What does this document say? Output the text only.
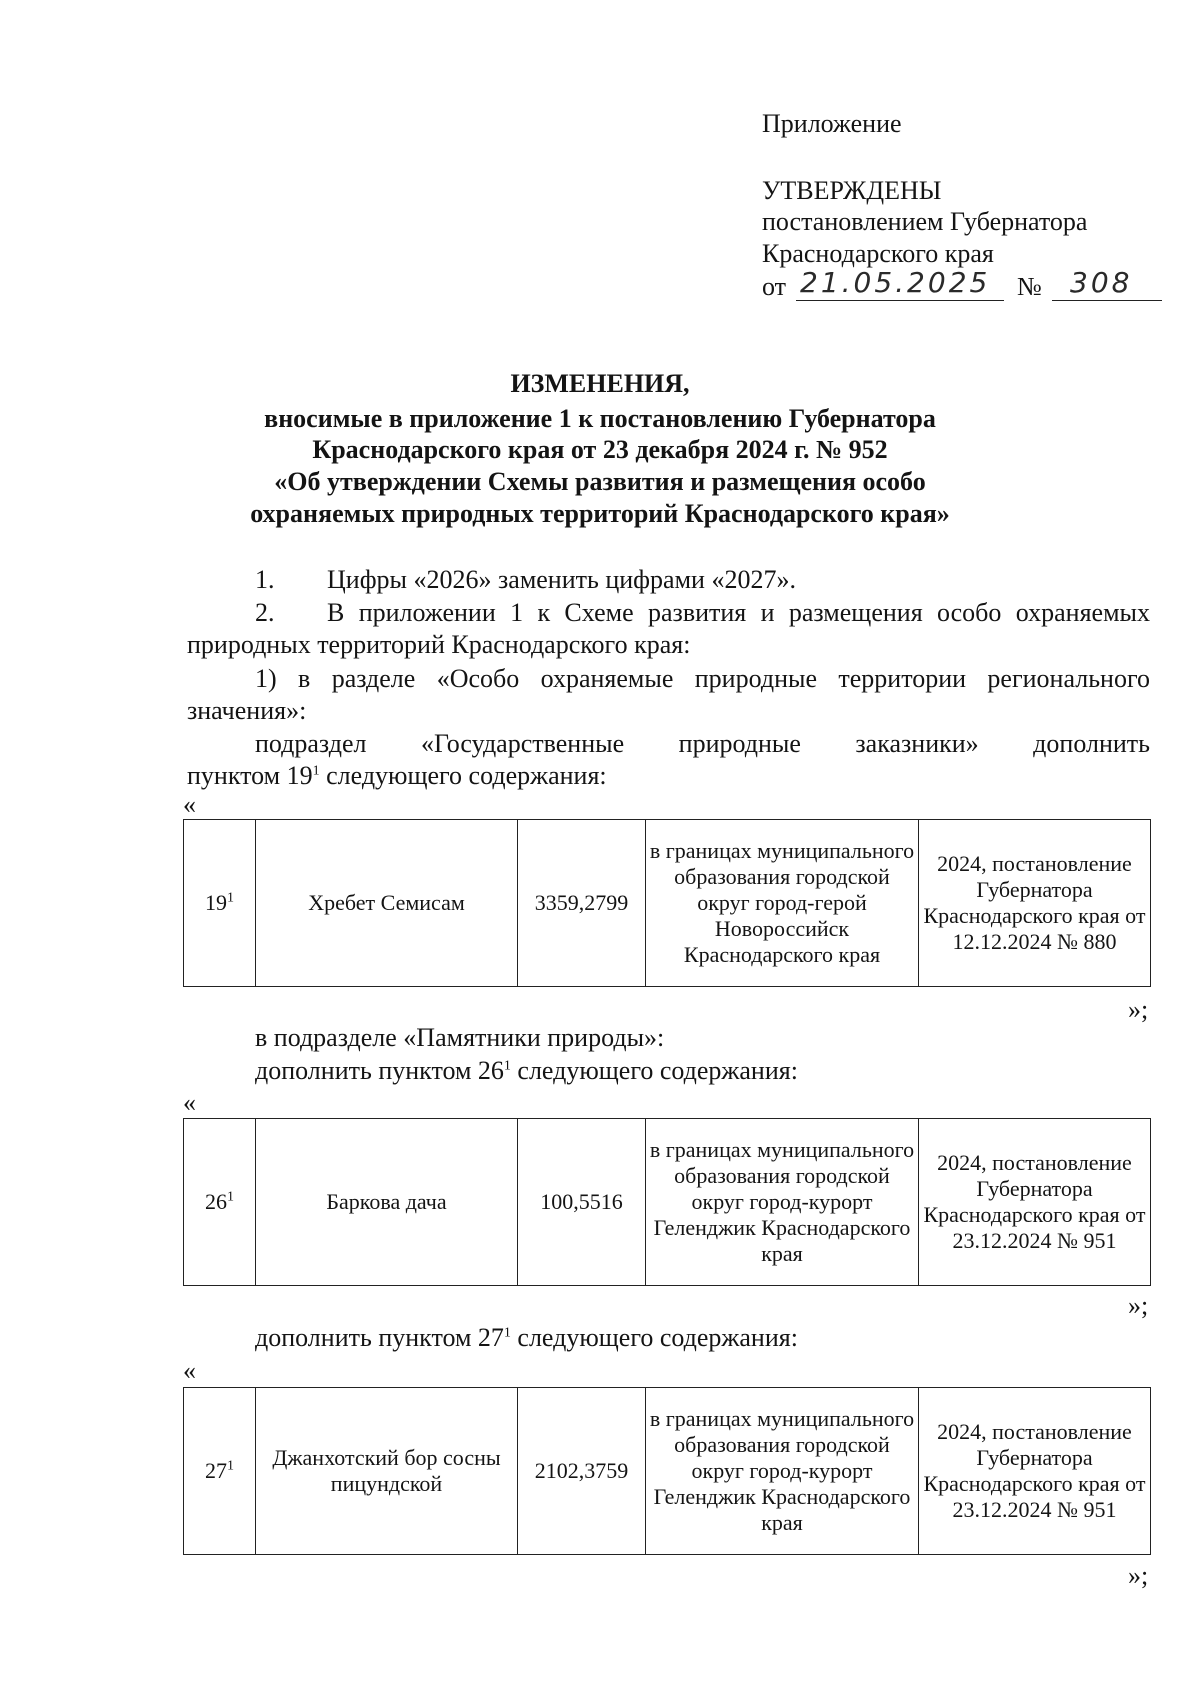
Приложение
УТВЕРЖДЕНЫ
постановлением Губернатора
Краснодарского края
от 21.05.2025 № 308
ИЗМЕНЕНИЯ,
вносимые в приложение 1 к постановлению Губернатора
Краснодарского края от 23 декабря 2024 г. № 952
«Об утверждении Схемы развития и размещения особо
охраняемых природных территорий Краснодарского края»
1. Цифры «2026» заменить цифрами «2027».
2. В приложении 1 к Схеме развития и размещения особо охраняемых
природных территорий Краснодарского края:
1) в разделе «Особо охраняемые природные территории регионального
значения»:
подраздел «Государственные природные заказники» дополнить
пунктом $19^1$ следующего содержания:
«
$19^1$	Хребет Семисам	3359,2799	в границах муниципального образования городской округ город-герой Новороссийск Краснодарского края	2024, постановление Губернатора Краснодарского края от 12.12.2024 № 880
»;
в подразделе «Памятники природы»:
дополнить пунктом $26^1$ следующего содержания:
«
$26^1$	Баркова дача	100,5516	в границах муниципального образования городской округ город-курорт Геленджик Краснодарского края	2024, постановление Губернатора Краснодарского края от 23.12.2024 № 951
»;
дополнить пунктом $27^1$ следующего содержания:
«
$27^1$	Джанхотский бор сосны пицундской	2102,3759	в границах муниципального образования городской округ город-курорт Геленджик Краснодарского края	2024, постановление Губернатора Краснодарского края от 23.12.2024 № 951
»;
